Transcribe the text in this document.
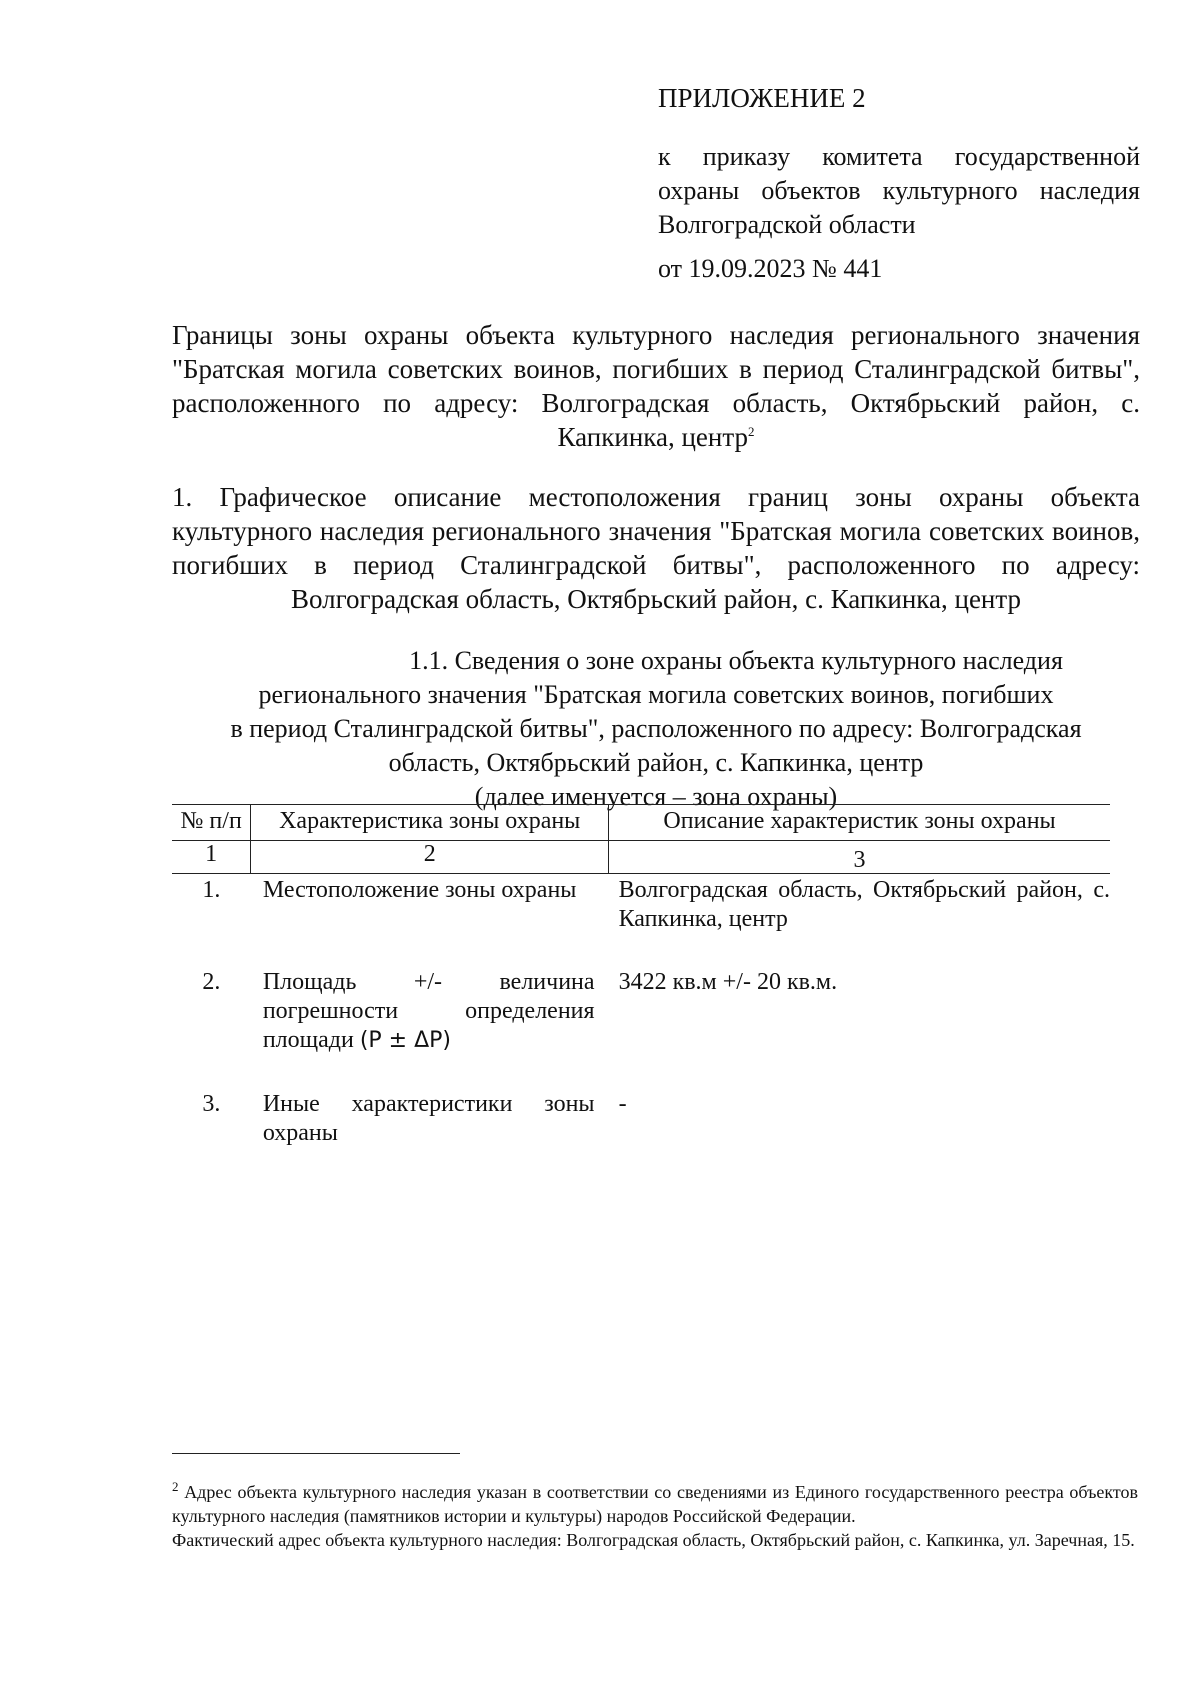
ПРИЛОЖЕНИЕ 2
к приказу комитета государственной охраны объектов культурного наследия Волгоградской области
от 19.09.2023 № 441
Границы зоны охраны объекта культурного наследия регионального значения "Братская могила советских воинов, погибших в период Сталинградской битвы", расположенного по адресу: Волгоградская область, Октябрьский район, с. Капкинка, центр$^2$
1. Графическое описание местоположения границ зоны охраны объекта культурного наследия регионального значения "Братская могила советских воинов, погибших в период Сталинградской битвы", расположенного по адресу: Волгоградская область, Октябрьский район, с. Капкинка, центр
1.1. Сведения о зоне охраны объекта культурного наследия
регионального значения "Братская могила советских воинов, погибших
в период Сталинградской битвы", расположенного по адресу: Волгоградская
область, Октябрьский район, с. Капкинка, центр
(далее именуется – зона охраны)
№ п/п	Характеристика зоны охраны	Описание характеристик зоны охраны
1	2	3
1.	Местоположение зоны охраны	Волгоградская область, Октябрьский район, с. Капкинка, центр
2.	Площадь +/- величина погрешности определения площади (P ± ΔP)	3422 кв.м +/- 20 кв.м.
3.	Иные характеристики зоны охраны	-

$^2$ Адрес объекта культурного наследия указан в соответствии со сведениями из Единого государственного реестра объектов культурного наследия (памятников истории и культуры) народов Российской Федерации.

Фактический адрес объекта культурного наследия: Волгоградская область, Октябрьский район, с. Капкинка, ул. Заречная, 15.
